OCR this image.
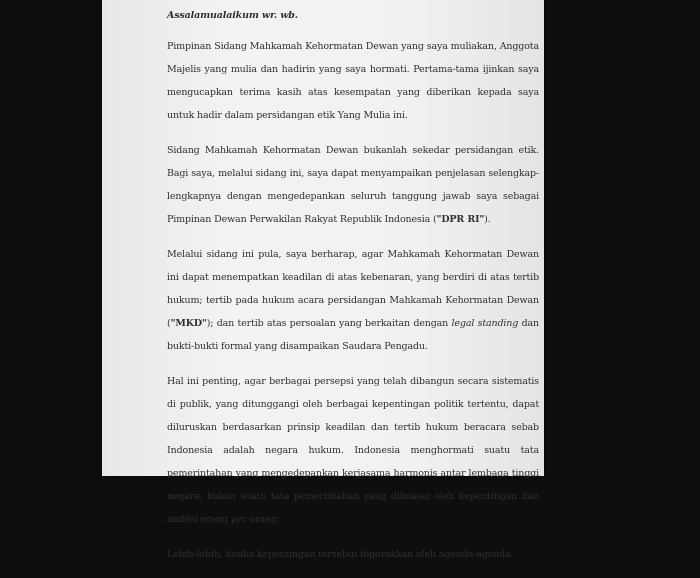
Assalamualaikum wr. wb.

Pimpinan Sidang Mahkamah Kehormatan Dewan yang saya muliakan, Anggota Majelis yang mulia dan hadirin yang saya hormati. Pertama-tama ijinkan saya mengucapkan terima kasih atas kesempatan yang diberikan kepada saya untuk hadir dalam persidangan etik Yang Mulia ini.

Sidang Mahkamah Kehormatan Dewan bukanlah sekedar persidangan etik. Bagi saya, melalui sidang ini, saya dapat menyampaikan penjelasan selengkap-lengkapnya dengan mengedepankan seluruh tanggung jawab saya sebagai Pimpinan Dewan Perwakilan Rakyat Republik Indonesia ("DPR RI").

Melalui sidang ini pula, saya berharap, agar Mahkamah Kehormatan Dewan ini dapat menempatkan keadilan di atas kebenaran, yang berdiri di atas tertib hukum; tertib pada hukum acara persidangan Mahkamah Kehormatan Dewan ("MKD"); dan tertib atas persoalan yang berkaitan dengan legal standing dan bukti-bukti formal yang disampaikan Saudara Pengadu.

Hal ini penting, agar berbagai persepsi yang telah dibangun secara sistematis di publik, yang ditunggangi oleh berbagai kepentingan politik tertentu, dapat diluruskan berdasarkan prinsip keadilan dan tertib hukum beracara sebab Indonesia adalah negara hukum. Indonesia menghormati suatu tata pemerintahan yang mengedepankan kerjasama harmonis antar lembaga tinggi negara, bukan suatu tata pemerintahan yang dikuasai oleh kepentingan dan ambisi orang per orang.

Lebih-lebih, ketika kepentingan tersebut digerakkan oleh agenda-agenda
